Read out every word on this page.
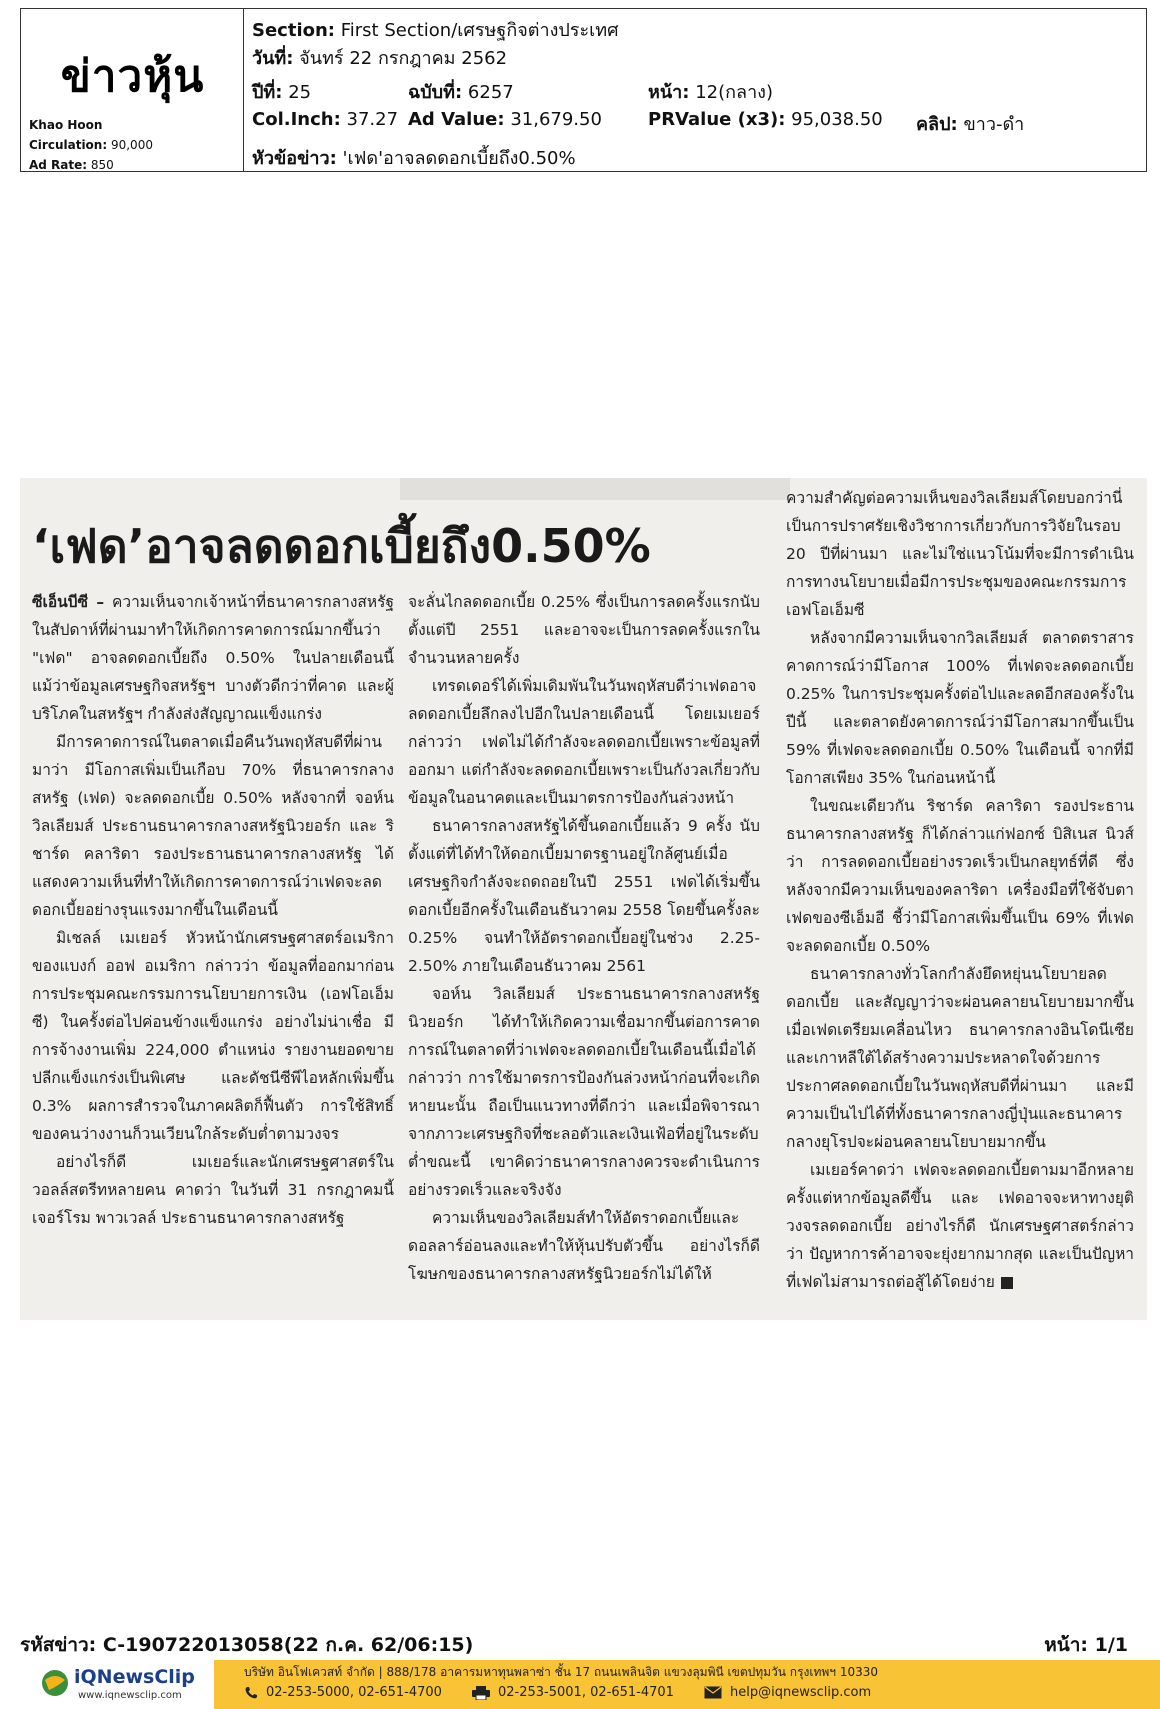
ข่าวหุ้น
Khao Hoon
Circulation: 90,000
Ad Rate: 850
Section: First Section/เศรษฐกิจต่างประเทศ
วันที่: จันทร์ 22 กรกฎาคม 2562
ปีที่: 25	ฉบับที่: 6257	หน้า: 12(กลาง)
Col.Inch: 37.27 Ad Value: 31,679.50	PRValue (x3): 95,038.50 คลิป: ขาว-ดำ
หัวข้อข่าว: 'เฟด'อาจลดดอกเบี้ยถึง0.50%
‘เฟด’อาจลดดอกเบี้ยถึง0.50%

ซีเอ็นบีซี – ความเห็นจากเจ้าหน้าที่ธนาคารกลางสหรัฐในสัปดาห์ที่ผ่านมาทำให้เกิดการคาดการณ์มากขึ้นว่า "เฟด" อาจลดดอกเบี้ยถึง 0.50% ในปลายเดือนนี้ แม้ว่าข้อมูลเศรษฐกิจสหรัฐฯ บางตัวดีกว่าที่คาด และผู้บริโภคในสหรัฐฯ กำลังส่งสัญญาณแข็งแกร่ง

มีการคาดการณ์ในตลาดเมื่อคืนวันพฤหัสบดีที่ผ่านมาว่า มีโอกาสเพิ่มเป็นเกือบ 70% ที่ธนาคารกลางสหรัฐ (เฟด) จะลดดอกเบี้ย 0.50% หลังจากที่ จอห์น วิลเลียมส์ ประธานธนาคารกลางสหรัฐนิวยอร์ก และ ริชาร์ด คลาริดา รองประธานธนาคารกลางสหรัฐ ได้แสดงความเห็นที่ทำให้เกิดการคาดการณ์ว่าเฟดจะลดดอกเบี้ยอย่างรุนแรงมากขึ้นในเดือนนี้

มิเชลล์ เมเยอร์ หัวหน้านักเศรษฐศาสตร์อเมริกาของแบงก์ ออฟ อเมริกา กล่าวว่า ข้อมูลที่ออกมาก่อนการประชุมคณะกรรมการนโยบายการเงิน (เอฟโอเอ็มซี) ในครั้งต่อไปค่อนข้างแข็งแกร่ง อย่างไม่น่าเชื่อ มีการจ้างงานเพิ่ม 224,000 ตำแหน่ง รายงานยอดขายปลีกแข็งแกร่งเป็นพิเศษ และดัชนีซีพีไอหลักเพิ่มขึ้น 0.3% ผลการสำรวจในภาคผลิตก็ฟื้นตัว การใช้สิทธิ์ของคนว่างงานก็วนเวียนใกล้ระดับต่ำตามวงจร

อย่างไรก็ดี เมเยอร์และนักเศรษฐศาสตร์ในวอลล์สตรีทหลายคน คาดว่า ในวันที่ 31 กรกฎาคมนี้ เจอร์โรม พาวเวลล์ ประธานธนาคารกลางสหรัฐ

จะลั่นไกลดดอกเบี้ย 0.25% ซึ่งเป็นการลดครั้งแรกนับตั้งแต่ปี 2551 และอาจจะเป็นการลดครั้งแรกในจำนวนหลายครั้ง

เทรดเดอร์ได้เพิ่มเดิมพันในวันพฤหัสบดีว่าเฟดอาจลดดอกเบี้ยลึกลงไปอีกในปลายเดือนนี้ โดยเมเยอร์กล่าวว่า เฟดไม่ได้กำลังจะลดดอกเบี้ยเพราะข้อมูลที่ออกมา แต่กำลังจะลดดอกเบี้ยเพราะเป็นกังวลเกี่ยวกับข้อมูลในอนาคตและเป็นมาตรการป้องกันล่วงหน้า

ธนาคารกลางสหรัฐได้ขึ้นดอกเบี้ยแล้ว 9 ครั้ง นับตั้งแต่ที่ได้ทำให้ดอกเบี้ยมาตรฐานอยู่ใกล้ศูนย์เมื่อเศรษฐกิจกำลังจะถดถอยในปี 2551 เฟดได้เริ่มขึ้นดอกเบี้ยอีกครั้งในเดือนธันวาคม 2558 โดยขึ้นครั้งละ 0.25% จนทำให้อัตราดอกเบี้ยอยู่ในช่วง 2.25-2.50% ภายในเดือนธันวาคม 2561

จอห์น วิลเลียมส์ ประธานธนาคารกลางสหรัฐนิวยอร์ก ได้ทำให้เกิดความเชื่อมากขึ้นต่อการคาดการณ์ในตลาดที่ว่าเฟดจะลดดอกเบี้ยในเดือนนี้เมื่อได้กล่าวว่า การใช้มาตรการป้องกันล่วงหน้าก่อนที่จะเกิดหายนะนั้น ถือเป็นแนวทางที่ดีกว่า และเมื่อพิจารณาจากภาวะเศรษฐกิจที่ชะลอตัวและเงินเฟ้อที่อยู่ในระดับต่ำขณะนี้ เขาคิดว่าธนาคารกลางควรจะดำเนินการอย่างรวดเร็วและจริงจัง

ความเห็นของวิลเลียมส์ทำให้อัตราดอกเบี้ยและดอลลาร์อ่อนลงและทำให้หุ้นปรับตัวขึ้น อย่างไรก็ดี โฆษกของธนาคารกลางสหรัฐนิวยอร์กไม่ได้ให้

ความสำคัญต่อความเห็นของวิลเลียมส์โดยบอกว่านี่เป็นการปราศรัยเชิงวิชาการเกี่ยวกับการวิจัยในรอบ 20 ปีที่ผ่านมา และไม่ใช่แนวโน้มที่จะมีการดำเนินการทางนโยบายเมื่อมีการประชุมของคณะกรรมการเอฟโอเอ็มซี

หลังจากมีความเห็นจากวิลเลียมส์ ตลาดตราสารคาดการณ์ว่ามีโอกาส 100% ที่เฟดจะลดดอกเบี้ย 0.25% ในการประชุมครั้งต่อไปและลดอีกสองครั้งในปีนี้ และตลาดยังคาดการณ์ว่ามีโอกาสมากขึ้นเป็น 59% ที่เฟดจะลดดอกเบี้ย 0.50% ในเดือนนี้ จากที่มีโอกาสเพียง 35% ในก่อนหน้านี้

ในขณะเดียวกัน ริชาร์ด คลาริดา รองประธานธนาคารกลางสหรัฐ ก็ได้กล่าวแก่ฟอกซ์ บิสิเนส นิวส์ ว่า การลดดอกเบี้ยอย่างรวดเร็วเป็นกลยุทธ์ที่ดี ซึ่งหลังจากมีความเห็นของคลาริดา เครื่องมือที่ใช้จับตาเฟดของซีเอ็มอี ชี้ว่ามีโอกาสเพิ่มขึ้นเป็น 69% ที่เฟดจะลดดอกเบี้ย 0.50%

ธนาคารกลางทั่วโลกกำลังยึดหยุ่นนโยบายลดดอกเบี้ย และสัญญาว่าจะผ่อนคลายนโยบายมากขึ้นเมื่อเฟดเตรียมเคลื่อนไหว ธนาคารกลางอินโดนีเซียและเกาหลีใต้ได้สร้างความประหลาดใจด้วยการประกาศลดดอกเบี้ยในวันพฤหัสบดีที่ผ่านมา และมีความเป็นไปได้ที่ทั้งธนาคารกลางญี่ปุ่นและธนาคารกลางยุโรปจะผ่อนคลายนโยบายมากขึ้น

เมเยอร์คาดว่า เฟดจะลดดอกเบี้ยตามมาอีกหลายครั้งแต่หากข้อมูลดีขึ้น และ เฟดอาจจะหาทางยุติวงจรลดดอกเบี้ย อย่างไรก็ดี นักเศรษฐศาสตร์กล่าวว่า ปัญหาการค้าอาจจะยุ่งยากมากสุด และเป็นปัญหาที่เฟดไม่สามารถต่อสู้ได้โดยง่าย

รหัสข่าว: C-190722013058(22 ก.ค. 62/06:15)	หน้า: 1/1
iQNewsClip
www.iqnewsclip.com
บริษัท อินโฟเควสท์ จำกัด | 888/178 อาคารมหาทุนพลาซ่า ชั้น 17 ถนนเพลินจิต แขวงลุมพินี เขตปทุมวัน กรุงเทพฯ 10330
02-253-5000, 02-651-4700	02-253-5001, 02-651-4701	help@iqnewsclip.com
